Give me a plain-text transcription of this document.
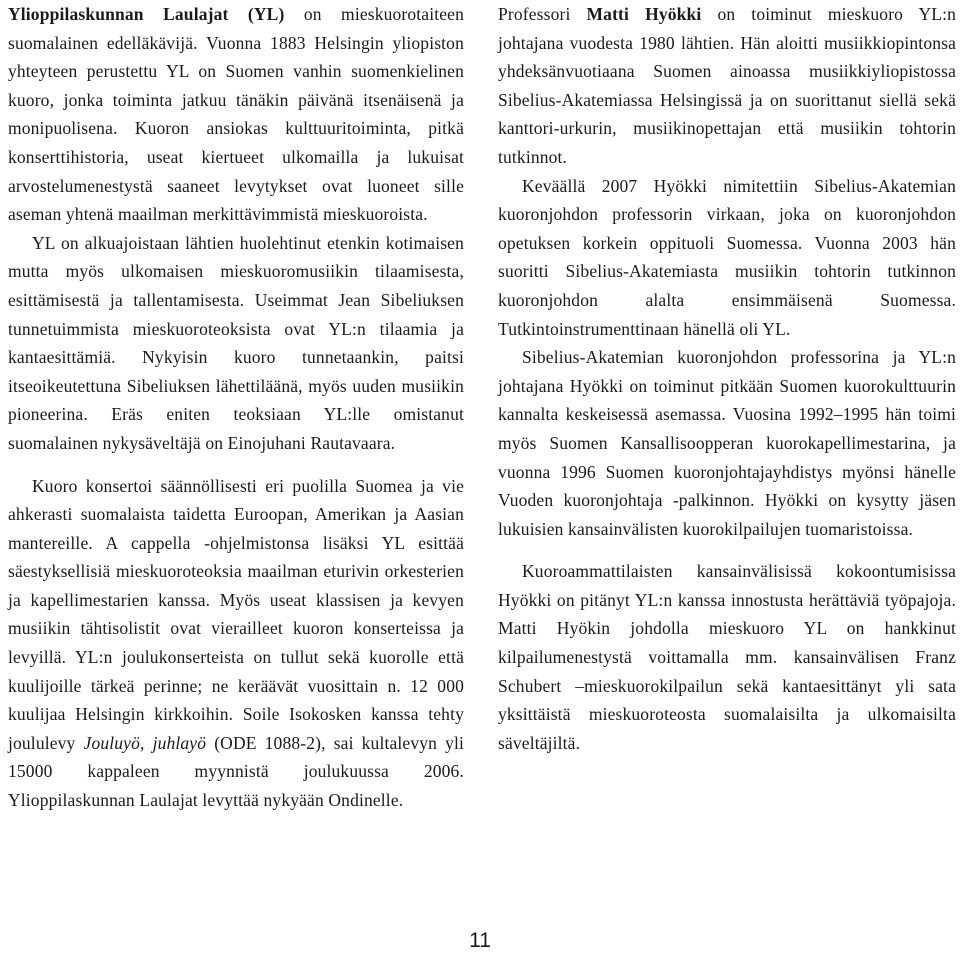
Ylioppilaskunnan Laulajat (YL) on mieskuorotaiteen suomalainen edelläkävijä. Vuonna 1883 Helsingin yliopiston yhteyteen perustettu YL on Suomen vanhin suomenkielinen kuoro, jonka toiminta jatkuu tänäkin päivänä itsenäisenä ja monipuolisena. Kuoron ansiokas kulttuuritoiminta, pitkä konserttihistoria, useat kiertueet ulkomailla ja lukuisat arvostelumenestystä saaneet levytykset ovat luoneet sille aseman yhtenä maailman merkittävimmistä mieskuoroista.

YL on alkuajoistaan lähtien huolehtinut etenkin kotimaisen mutta myös ulkomaisen mieskuoromusiikin tilaamisesta, esittämisestä ja tallentamisesta. Useimmat Jean Sibeliuksen tunnetuimmista mieskuoroteoksista ovat YL:n tilaamia ja kantaesittämiä. Nykyisin kuoro tunnetaankin, paitsi itseoikeutettuna Sibeliuksen lähettiläänä, myös uuden musiikin pioneerina. Eräs eniten teoksiaan YL:lle omistanut suomalainen nykysäveltäjä on Einojuhani Rautavaara.

Kuoro konsertoi säännöllisesti eri puolilla Suomea ja vie ahkerasti suomalaista taidetta Euroopan, Amerikan ja Aasian mantereille. A cappella -ohjelmistonsa lisäksi YL esittää säestyksellisiä mieskuoroteoksia maailman eturivin orkesterien ja kapellimestarien kanssa. Myös useat klassisen ja kevyen musiikin tähtisolistit ovat vierailleet kuoron konserteissa ja levyillä. YL:n joulukonserteista on tullut sekä kuorolle että kuulijoille tärkeä perinne; ne keräävät vuosittain n. 12 000 kuulijaa Helsingin kirkkoihin. Soile Isokosken kanssa tehty joululevy Jouluyö, juhlayö (ODE 1088-2), sai kultalevyn yli 15000 kappaleen myynnistä joulukuussa 2006. Ylioppilaskunnan Laulajat levyttää nykyään Ondinelle.

Professori Matti Hyökki on toiminut mieskuoro YL:n johtajana vuodesta 1980 lähtien. Hän aloitti musiikkiopintonsa yhdeksänvuotiaana Suomen ainoassa musiikkiyliopistossa Sibelius-Akatemiassa Helsingissä ja on suorittanut siellä sekä kanttori-urkurin, musiikinopettajan että musiikin tohtorin tutkinnot.

Keväällä 2007 Hyökki nimitettiin Sibelius-Akatemian kuoronjohdon professorin virkaan, joka on kuoronjohdon opetuksen korkein oppituoli Suomessa. Vuonna 2003 hän suoritti Sibelius-Akatemiasta musiikin tohtorin tutkinnon kuoronjohdon alalta ensimmäisenä Suomessa. Tutkintoinstrumenttinaan hänellä oli YL.

Sibelius-Akatemian kuoronjohdon professorina ja YL:n johtajana Hyökki on toiminut pitkään Suomen kuorokulttuurin kannalta keskeisessä asemassa. Vuosina 1992–1995 hän toimi myös Suomen Kansallisoopperan kuorokapellimestarina, ja vuonna 1996 Suomen kuoronjohtajayhdistys myönsi hänelle Vuoden kuoronjohtaja -palkinnon. Hyökki on kysytty jäsen lukuisien kansainvälisten kuorokilpailujen tuomaristoissa.

Kuoroammattilaisten kansainvälisissä kokoontumisissa Hyökki on pitänyt YL:n kanssa innostusta herättäviä työpajoja. Matti Hyökin johdolla mieskuoro YL on hankkinut kilpailumenestystä voittamalla mm. kansainvälisen Franz Schubert –mieskuorokilpailun sekä kantaesittänyt yli sata yksittäistä mieskuoroteosta suomalaisilta ja ulkomaisilta säveltäjiltä.

11
